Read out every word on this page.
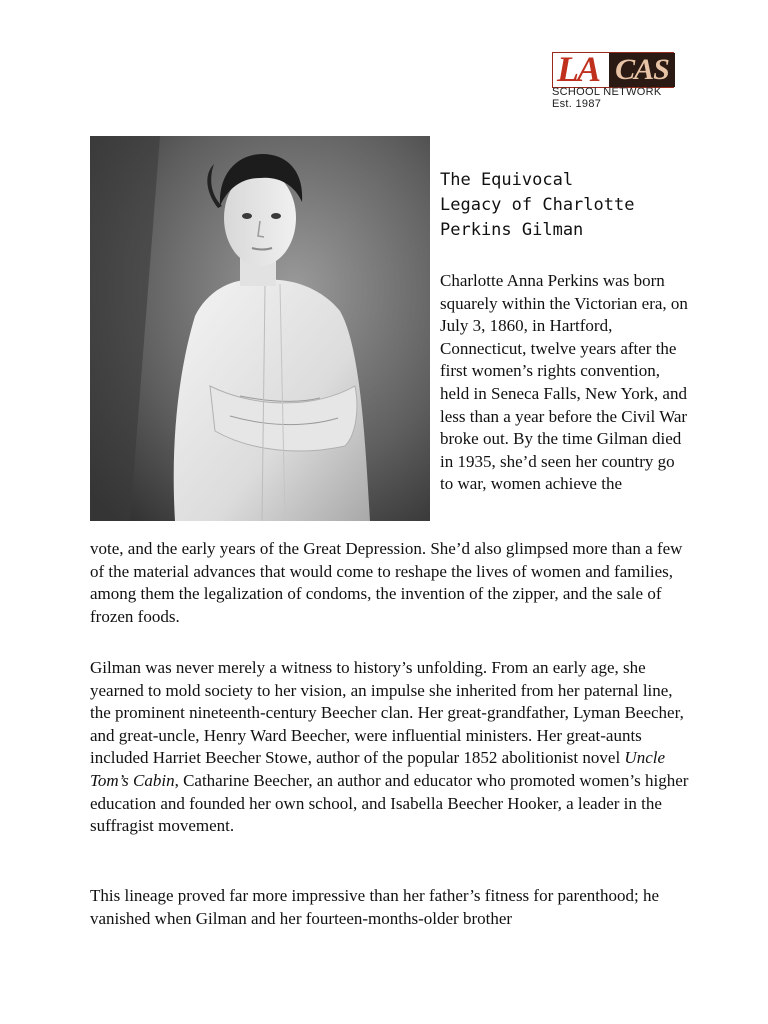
LA CAS
SCHOOL NETWORK
Est. 1987
The Equivocal
Legacy of Charlotte
Perkins Gilman

Charlotte Anna Perkins was born squarely within the Victorian era, on July 3, 1860, in Hartford, Connecticut, twelve years after the first women’s rights convention, held in Seneca Falls, New York, and less than a year before the Civil War broke out. By the time Gilman died in 1935, she’d seen her country go to war, women achieve the

vote, and the early years of the Great Depression. She’d also glimpsed more than a few of the material advances that would come to reshape the lives of women and families, among them the legalization of condoms, the invention of the zipper, and the sale of frozen foods.

Gilman was never merely a witness to history’s unfolding. From an early age, she yearned to mold society to her vision, an impulse she inherited from her paternal line, the prominent nineteenth-century Beecher clan. Her great-grandfather, Lyman Beecher, and great-uncle, Henry Ward Beecher, were influential ministers. Her great-aunts included Harriet Beecher Stowe, author of the popular 1852 abolitionist novel Uncle Tom’s Cabin, Catharine Beecher, an author and educator who promoted women’s higher education and founded her own school, and Isabella Beecher Hooker, a leader in the suffragist movement.

This lineage proved far more impressive than her father’s fitness for parenthood; he vanished when Gilman and her fourteen-months-older brother
